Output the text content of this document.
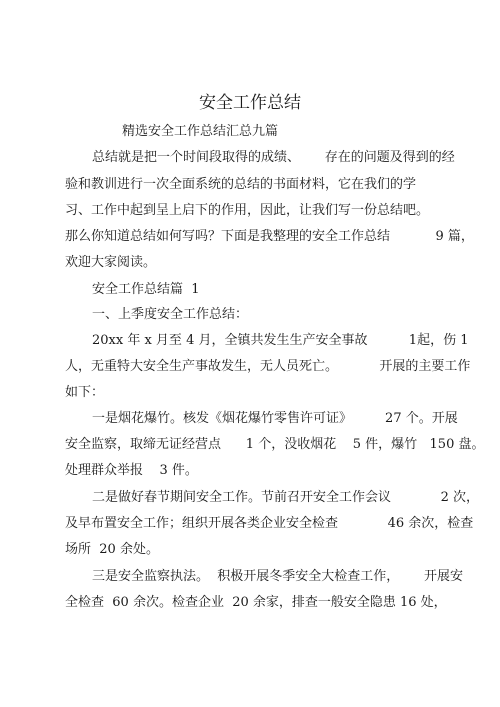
安全工作总结
精选安全工作总结汇总九篇
总结就是把一个时间段取得的成绩、      存在的问题及得到的经
验和教训进行一次全面系统的总结的书面材料，它在我们的学
习、工作中起到呈上启下的作用，因此，让我们写一份总结吧。
那么你知道总结如何写吗？下面是我整理的安全工作总结           9 篇，
欢迎大家阅读。
安全工作总结篇  1
一、上季度安全工作总结：
20xx 年 x 月至 4 月，全镇共发生生产安全事故          1起，伤 1
人，无重特大安全生产事故发生，无人员死亡。          开展的主要工作
如下：
一是烟花爆竹。核发《烟花爆竹零售许可证》        27 个。开展
安全监察，取缔无证经营点      1 个，没收烟花    5 件，爆竹   150 盘。
处理群众举报    3 件。
二是做好春节期间安全工作。节前召开安全工作会议            2 次，
及早布置安全工作；组织开展各类企业安全检查            46 余次，检查
场所  20 余处。
三是安全监察执法。  积极开展冬季安全大检查工作，      开展安
全检查  60 余次。检查企业  20 余家，排查一般安全隐患 16 处，
